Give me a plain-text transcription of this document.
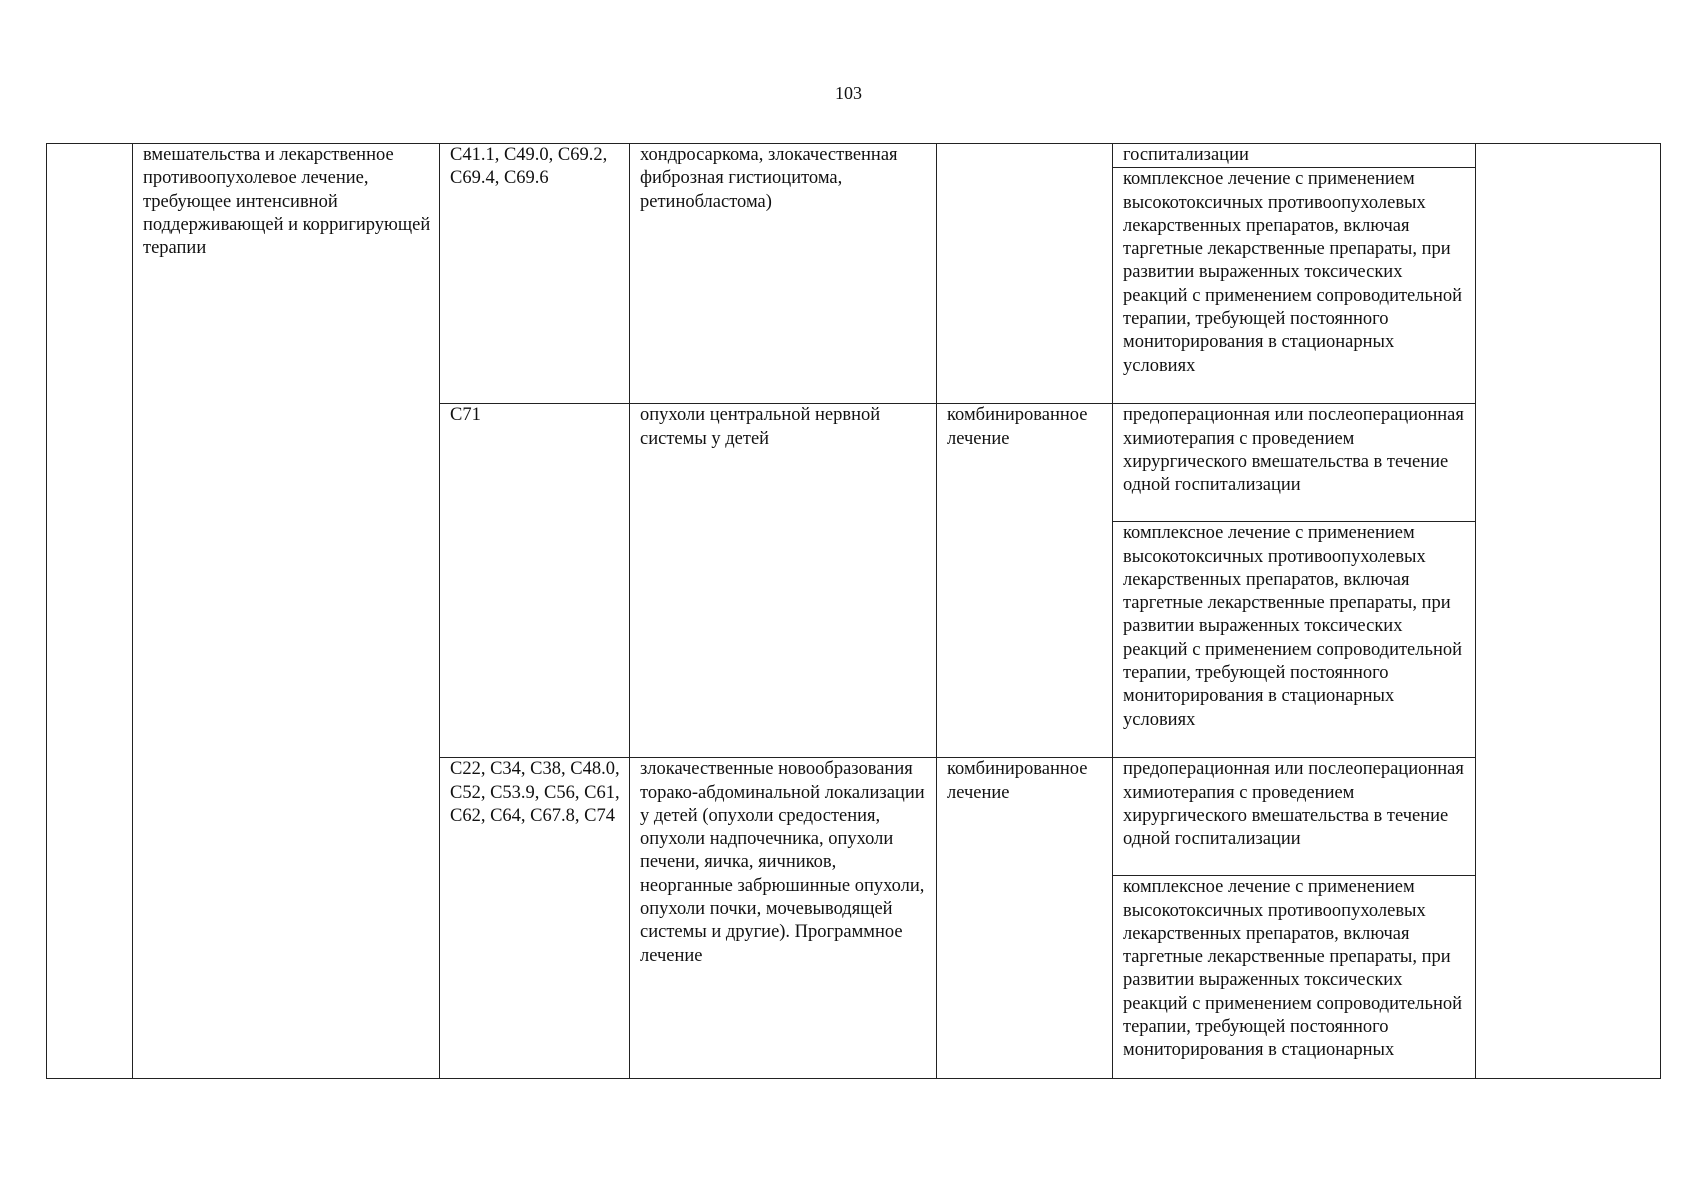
103

	вмешательства и лекарственное противоопухолевое лечение, требующее интенсивной поддерживающей и корригирующей терапии	C41.1, C49.0, C69.2, C69.4, C69.6	хондросаркома, злокачественная фиброзная гистиоцитома, ретинобластома)		госпитализации	

					комплексное лечение с применением высокотоксичных противоопухолевых лекарственных препаратов, включая таргетные лекарственные препараты, при развитии выраженных токсических реакций с применением сопроводительной терапии, требующей постоянного мониторирования в стационарных условиях	

		C71	опухоли центральной нервной системы у детей	комбинированное лечение	предоперационная или послеоперационная химиотерапия с проведением хирургического вмешательства в течение одной госпитализации	

					комплексное лечение с применением высокотоксичных противоопухолевых лекарственных препаратов, включая таргетные лекарственные препараты, при развитии выраженных токсических реакций с применением сопроводительной терапии, требующей постоянного мониторирования в стационарных условиях	

		C22, C34, C38, C48.0, C52, C53.9, C56, C61, C62, C64, C67.8, C74	злокачественные новообразования торако-абдоминальной локализации у детей (опухоли средостения, опухоли надпочечника, опухоли печени, яичка, яичников, неорганные забрюшинные опухоли, опухоли почки, мочевыводящей системы и другие). Программное лечение	комбинированное лечение	предоперационная или послеоперационная химиотерапия с проведением хирургического вмешательства в течение одной госпитализации	

					комплексное лечение с применением высокотоксичных противоопухолевых лекарственных препаратов, включая таргетные лекарственные препараты, при развитии выраженных токсических реакций с применением сопроводительной терапии, требующей постоянного мониторирования в стационарных	
